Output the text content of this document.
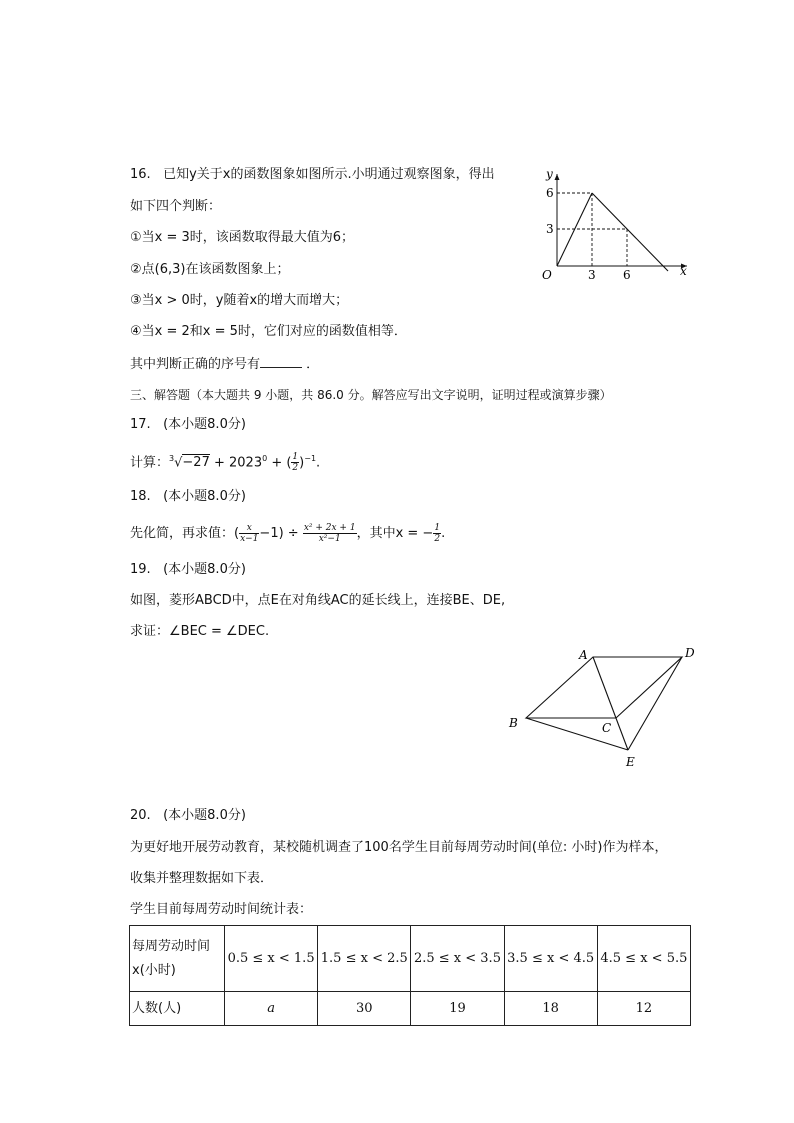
16. 已知y关于x的函数图象如图所示.小明通过观察图象，得出
如下四个判断：
①当x = 3时，该函数取得最大值为6；
②点(6,3)在该函数图象上；
③当x > 0时，y随着x的增大而增大；
④当x = 2和x = 5时，它们对应的函数值相等．
其中判断正确的序号有	．
y
x
O
6
3
3 6
三、解答题（本大题共 9 小题，共 86.0 分。解答应写出文字说明，证明过程或演算步骤）
17. (本小题8.0分)
计算：$^3√-27 + 2023^0$ + ( $\frac{1}{2} )^{-1}$.
18. (本小题8.0分)
先化简，再求值：( $\frac{x}{x-1} -1) \div \frac{\text{x² + 2x + 1}}{\text{x²−1}}$ ，其中x = − $\frac{1}{2}$ .
19. (本小题8.0分)
如图，菱形ABCD中，点E在对角线AC的延长线上，连接BE、DE,
求证：∠BEC = ∠DEC.
A	D
B	C
E
20. (本小题8.0分)
为更好地开展劳动教育，某校随机调查了100名学生目前每周劳动时间(单位: 小时)作为样本，
收集并整理数据如下表．
学生目前每周劳动时间统计表：
每周劳动时间
x(小时)	0.5 ≤ x < 1.5	1.5 ≤ x < 2.5	2.5 ≤ x < 3.5	3.5 ≤ x < 4.5	4.5 ≤ x < 5.5
人数(人)	a	30	19	18	12
